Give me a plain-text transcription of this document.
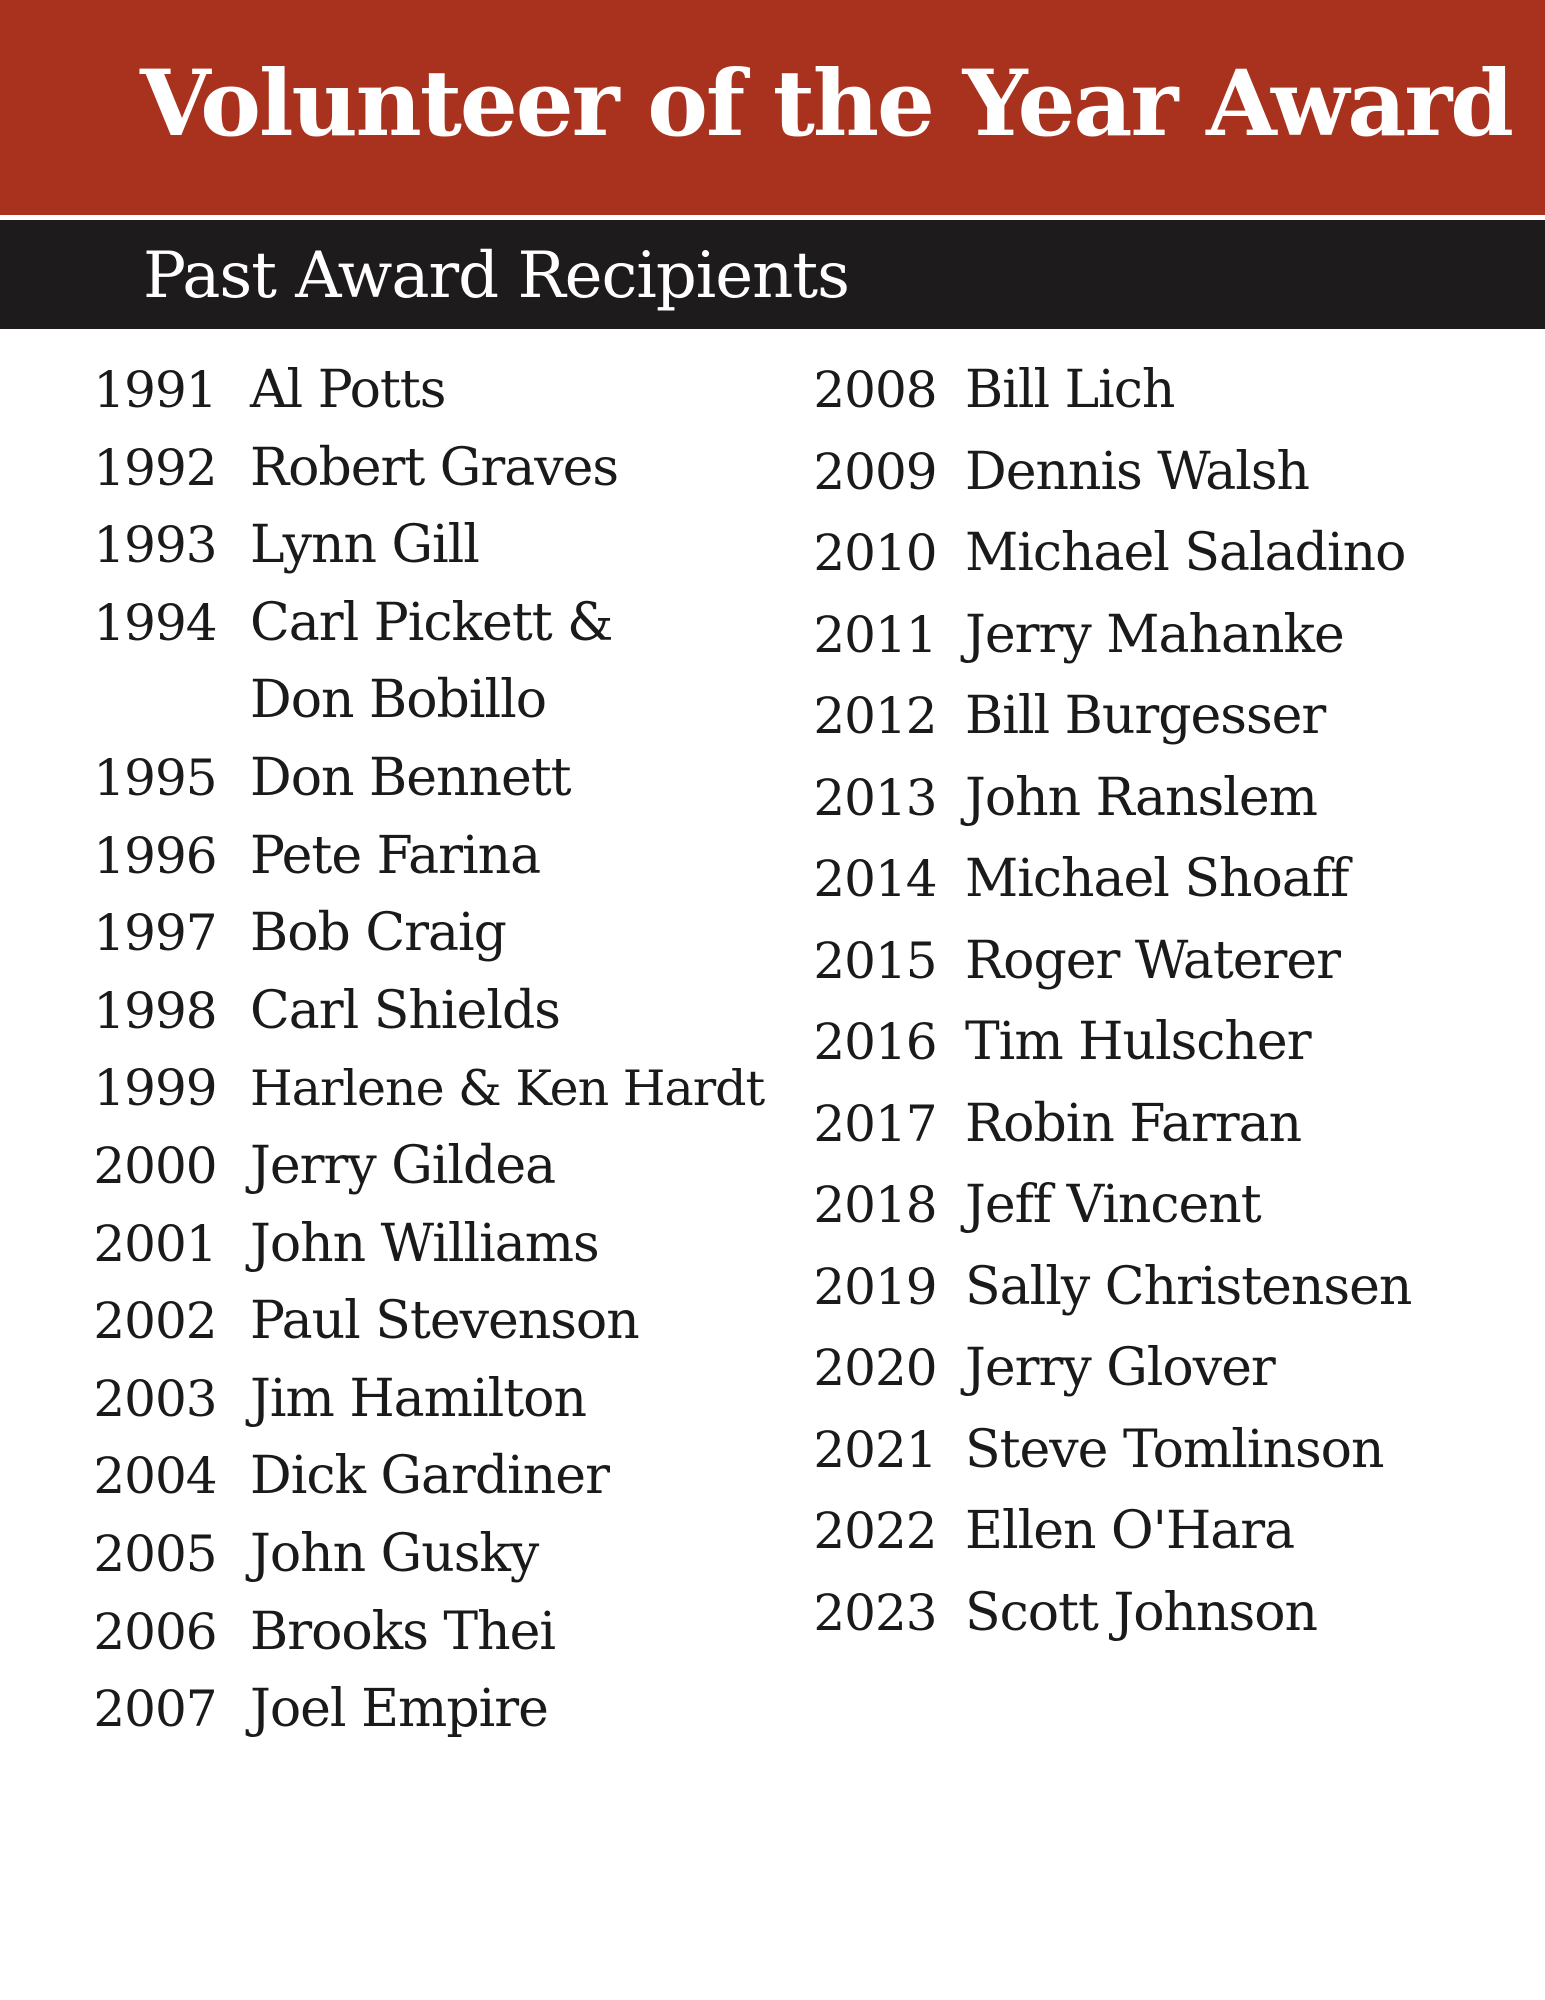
Volunteer of the Year Award
Past Award Recipients
1991 Al Potts
1992 Robert Graves
1993 Lynn Gill
1994 Carl Pickett &
Don Bobillo
1995 Don Bennett
1996 Pete Farina
1997 Bob Craig
1998 Carl Shields
1999 Harlene & Ken Hardt
2000 Jerry Gildea
2001 John Williams
2002 Paul Stevenson
2003 Jim Hamilton
2004 Dick Gardiner
2005 John Gusky
2006 Brooks Thei
2007 Joel Empire
2008 Bill Lich
2009 Dennis Walsh
2010 Michael Saladino
2011 Jerry Mahanke
2012 Bill Burgesser
2013 John Ranslem
2014 Michael Shoaff
2015 Roger Waterer
2016 Tim Hulscher
2017 Robin Farran
2018 Jeff Vincent
2019 Sally Christensen
2020 Jerry Glover
2021 Steve Tomlinson
2022 Ellen O'Hara
2023 Scott Johnson
